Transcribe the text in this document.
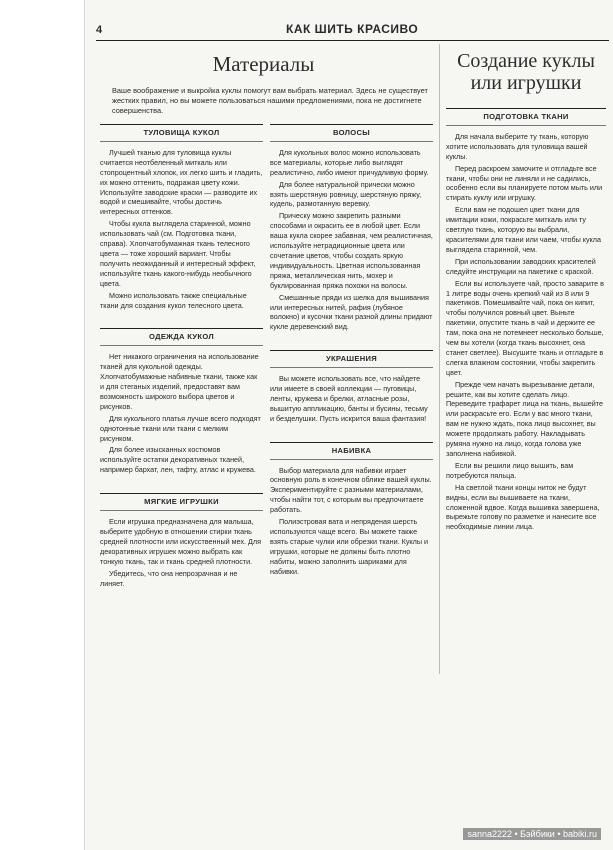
4	КАК ШИТЬ КРАСИВО
Материалы
Ваше воображение и выкройка куклы помогут вам выбрать материал. Здесь не существует жестких правил, но вы можете пользоваться нашими предложениями, пока не достигнете совершенства.
ТУЛОВИЩА КУКОЛ

Лучшей тканью для туловища куклы считается неотбеленный миткаль или стопроцентный хлопок, их легко шить и гладить, их можно оттенить, подражая цвету кожи. Используйте заводские краски — разводите их водой и смешивайте, чтобы достичь интересных оттенков.

Чтобы кукла выглядела старинной, можно использовать чай (см. Подготовка ткани, справа). Хлопчатобумажная ткань телесного цвета — тоже хороший вариант. Чтобы получить неожиданный и интересный эффект, используйте ткань какого-нибудь необычного цвета.

Можно использовать также специальные ткани для создания кукол телесного цвета.

ОДЕЖДА КУКОЛ

Нет никакого ограничения на использование тканей для кукольной одежды. Хлопчатобумажные набивные ткани, также как и для стеганых изделий, предоставят вам возможность широкого выбора цветов и рисунков.

Для кукольного платья лучше всего подходят однотонные ткани или ткани с мелким рисунком.

Для более изысканных костюмов используйте остатки декоративных тканей, например бархат, лен, тафту, атлас и кружева.

МЯГКИЕ ИГРУШКИ

Если игрушка предназначена для малыша, выберите удобную в отношении стирки ткань средней плотности или искусственный мех. Для декоративных игрушек можно выбрать как тонкую ткань, так и ткань средней плотности.

Убедитесь, что она непрозрачная и не линяет.

ВОЛОСЫ

Для кукольных волос можно использовать все материалы, которые либо выглядят реалистично, либо имеют причудливую форму.

Для более натуральной прически можно взять шерстяную ровницу, шерстяную пряжу, кудель, размотанную веревку.

Прическу можно закрепить разными способами и окрасить ее в любой цвет. Если ваша кукла скорее забавная, чем реалистичная, используйте нетрадиционные цвета или сочетание цветов, чтобы создать яркую индивидуальность. Цветная использованная пряжа, металлическая нить, мохер и буклированная пряжа похожи на волосы.

Смешанные пряди из шелка для вышивания или интересных нитей, рафия (лубяное волокно) и кусочки ткани разной длины придают кукле деревенский вид.

УКРАШЕНИЯ

Вы можете использовать все, что найдете или имеете в своей коллекции — пуговицы, ленты, кружева и брелки, атласные розы, вышитую аппликацию, банты и бусины, тесьму и безделушки. Пусть искрится ваша фантазия!

НАБИВКА

Выбор материала для набивки играет основную роль в конечном облике вашей куклы. Экспериментируйте с разными материалами, чтобы найти тот, с которым вы предпочитаете работать.

Полиэстровая вата и непряденая шерсть используются чаще всего. Вы можете также взять старые чулки или обрезки ткани. Куклы и игрушки, которые не должны быть плотно набиты, можно заполнить шариками для набивки.

Создание куклы или игрушки
ПОДГОТОВКА ТКАНИ

Для начала выберите ту ткань, которую хотите использовать для туловища вашей куклы.

Перед раскроем замочите и отгладьте все ткани, чтобы они не линяли и не садились, особенно если вы планируете потом мыть или стирать куклу или игрушку.

Если вам не подошел цвет ткани для имитации кожи, покрасьте миткаль или ту светлую ткань, которую вы выбрали, красителями для ткани или чаем, чтобы кукла выглядела старинной, чем.

При использовании заводских красителей следуйте инструкции на пакетике с краской.

Если вы используете чай, просто заварите в 1 литре воды очень крепкий чай из 8 или 9 пакетиков. Помешивайте чай, пока он кипит, чтобы получился ровный цвет. Выньте пакетики, опустите ткань в чай и держите ее там, пока она не потемнеет несколько больше, чем вы хотели (когда ткань высохнет, она станет светлее). Высушите ткань и отгладьте в слегка влажном состоянии, чтобы закрепить цвет.

Прежде чем начать вырезывание детали, решите, как вы хотите сделать лицо. Переведите трафарет лица на ткань, вышейте или раскрасьте его. Если у вас много ткани, вам не нужно ждать, пока лицо высохнет, вы можете продолжать работу. Накладывать румяна нужно на лицо, когда голова уже заполнена набивкой.

Если вы решили лицо вышить, вам потребуются пяльца.

На светлой ткани концы ниток не будут видны, если вы вышиваете на ткани, сложенной вдвое. Когда вышивка завершена, вырежьте голову по разметке и нанесите все необходимые линии лица.

sanna2222 • Бэйбики • babiki.ru
